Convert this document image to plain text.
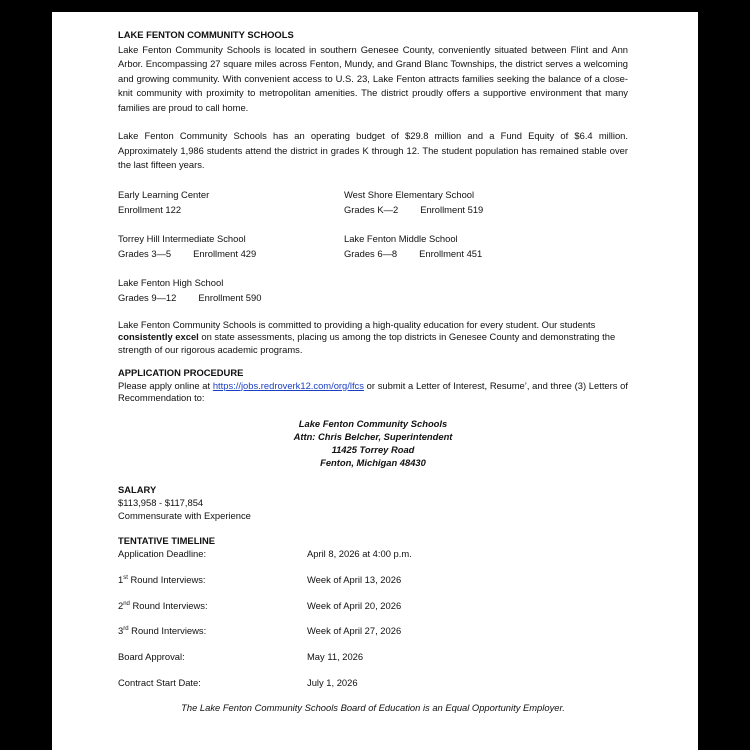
LAKE FENTON COMMUNITY SCHOOLS

Lake Fenton Community Schools is located in southern Genesee County, conveniently situated between Flint and Ann Arbor. Encompassing 27 square miles across Fenton, Mundy, and Grand Blanc Townships, the district serves a welcoming and growing community. With convenient access to U.S. 23, Lake Fenton attracts families seeking the balance of a close-knit community with proximity to metropolitan amenities. The district proudly offers a supportive environment that many families are proud to call home.

Lake Fenton Community Schools has an operating budget of $29.8 million and a Fund Equity of $6.4 million. Approximately 1,986 students attend the district in grades K through 12. The student population has remained stable over the last fifteen years.

Early Learning Center
Enrollment 122
West Shore Elementary School
Grades K—2 Enrollment 519
Torrey Hill Intermediate School
Grades 3—5 Enrollment 429
Lake Fenton Middle School
Grades 6—8 Enrollment 451
Lake Fenton High School
Grades 9—12 Enrollment 590

Lake Fenton Community Schools is committed to providing a high-quality education for every student. Our students consistently excel on state assessments, placing us among the top districts in Genesee County and demonstrating the strength of our rigorous academic programs.

APPLICATION PROCEDURE

Please apply online at https://jobs.redroverk12.com/org/lfcs or submit a Letter of Interest, Resume’, and three (3) Letters of Recommendation to:

Lake Fenton Community Schools
Attn: Chris Belcher, Superintendent
11425 Torrey Road
Fenton, Michigan 48430

SALARY

$113,958 - $117,854

Commensurate with Experience

TENTATIVE TIMELINE

Application Deadline:	April 8, 2026 at 4:00 p.m.
1st Round Interviews:	Week of April 13, 2026
2nd Round Interviews:	Week of April 20, 2026
3rd Round Interviews:	Week of April 27, 2026
Board Approval:	May 11, 2026
Contract Start Date:	July 1, 2026

The Lake Fenton Community Schools Board of Education is an Equal Opportunity Employer.
